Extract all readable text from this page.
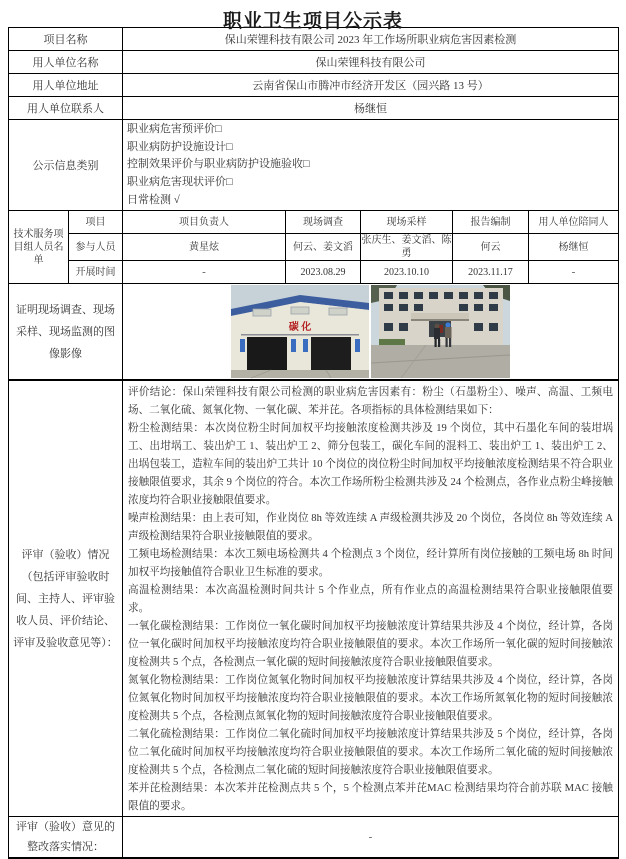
职业卫生项目公示表
项目名称		保山荣锂科技有限公司 2023 年工作场所职业病危害因素检测				
用人单位名称		保山荣锂科技有限公司				
用人单位地址		云南省保山市腾冲市经济开发区（园兴路 13 号）				
用人单位联系人		杨继恒				
公示信息类别		职业病危害预评价□
职业病防护设施设计□
控制效果评价与职业病防护设施验收□
职业病危害现状评价□
日常检测 √				

技术服务项目组人员名单	项目	项目负责人	现场调查	现场采样	报告编制	用人单位陪同人
	参与人员	黄星炫	何云、姜文滔	张庆生、姜文滔、陈勇	何云	杨继恒
	开展时间	-	2023.08.29	2023.10.10	2023.11.17	-
证明现场调查、现场采样、现场监测的图像影像		碳 化				

评审（验收）情况（包括评审验收时间、主持人、评审验收人员、评价结论、评审及验收意见等）：	

评价结论：保山荣锂科技有限公司检测的职业病危害因素有：粉尘（石墨粉尘）、噪声、高温、工频电场、二氧化硫、氮氧化物、一氧化碳、苯并芘。各项指标的具体检测结果如下：

粉尘检测结果：本次岗位粉尘时间加权平均接触浓度检测共涉及 19 个岗位，其中石墨化车间的装坩埚工、出坩埚工、装出炉工 1、装出炉工 2、筛分包装工，碳化车间的混料工、装出炉工 1、装出炉工 2、出埚包装工，造粒车间的装出炉工共计 10 个岗位的岗位粉尘时间加权平均接触浓度检测结果不符合职业接触限值要求，其余 9 个岗位的符合。本次工作场所粉尘检测共涉及 24 个检测点，各作业点粉尘峰接触浓度均符合职业接触限值要求。

噪声检测结果：由上表可知，作业岗位 8h 等效连续 A 声级检测共涉及 20 个岗位，各岗位 8h 等效连续 A 声级检测结果符合职业接触限值的要求。

工频电场检测结果：本次工频电场检测共 4 个检测点 3 个岗位，经计算所有岗位接触的工频电场 8h 时间加权平均接触值符合职业卫生标准的要求。

高温检测结果：本次高温检测时间共计 5 个作业点，所有作业点的高温检测结果符合职业接触限值要求。

一氧化碳检测结果：工作岗位一氧化碳时间加权平均接触浓度计算结果共涉及 4 个岗位，经计算，各岗位一氧化碳时间加权平均接触浓度均符合职业接触限值的要求。本次工作场所一氧化碳的短时间接触浓度检测共 5 个点，各检测点一氧化碳的短时间接触浓度符合职业接触限值要求。

氮氧化物检测结果：工作岗位氮氧化物时间加权平均接触浓度计算结果共涉及 4 个岗位，经计算，各岗位氮氧化物时间加权平均接触浓度均符合职业接触限值的要求。本次工作场所氮氧化物的短时间接触浓度检测共 5 个点，各检测点氮氧化物的短时间接触浓度符合职业接触限值要求。

二氧化硫检测结果：工作岗位二氧化硫时间加权平均接触浓度计算结果共涉及 5 个岗位，经计算，各岗位二氧化硫时间加权平均接触浓度均符合职业接触限值的要求。本次工作场所二氧化硫的短时间接触浓度检测共 5 个点，各检测点二氧化硫的短时间接触浓度符合职业接触限值要求。

苯并芘检测结果：本次苯并芘检测点共 5 个，5 个检测点苯并芘MAC 检测结果均符合前苏联 MAC 接触限值的要求。

评审（验收）意见的整改落实情况：		-				
